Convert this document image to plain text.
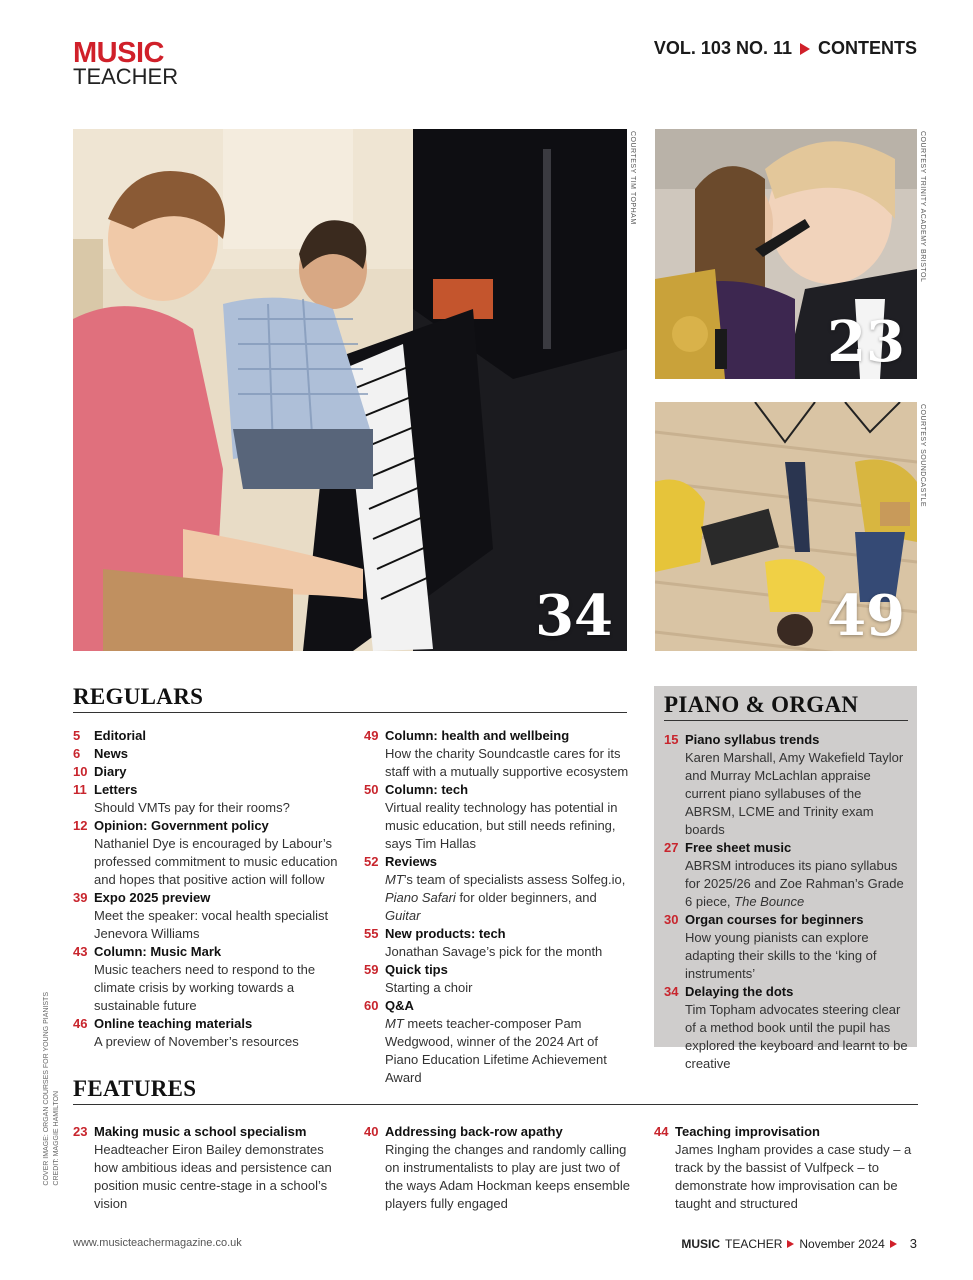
MUSIC
TEACHER
VOL. 103 NO. 11 CONTENTS
34
COURTESY TIM TOPHAM
23
COURTESY TRINITY ACADEMY BRISTOL
49
COURTESY SOUNDCASTLE
REGULARS
5	Editorial
6	News
10 Diary
11 Letters
Should VMTs pay for their rooms?
12 Opinion: Government policy
Nathaniel Dye is encouraged by Labour’s professed commitment to music education and hopes that positive action will follow
39 Expo 2025 preview
Meet the speaker: vocal health specialist Jenevora Williams
43 Column: Music Mark
Music teachers need to respond to the climate crisis by working towards a sustainable future
46 Online teaching materials
A preview of November’s resources
49 Column: health and wellbeing
How the charity Soundcastle cares for its staff with a mutually supportive ecosystem
50 Column: tech
Virtual reality technology has potential in music education, but still needs refining, says Tim Hallas
52 Reviews
MT’s team of specialists assess Solfeg.io, Piano Safari for older beginners, and Guitar
55 New products: tech
Jonathan Savage’s pick for the month
59 Quick tips
Starting a choir
60 Q&A
MT meets teacher-composer Pam Wedgwood, winner of the 2024 Art of Piano Education Lifetime Achievement Award
PIANO & ORGAN
15 Piano syllabus trends
Karen Marshall, Amy Wakefield Taylor and Murray McLachlan appraise current piano syllabuses of the ABRSM, LCME and Trinity exam boards
27 Free sheet music
ABRSM introduces its piano syllabus for 2025/26 and Zoe Rahman’s Grade 6 piece, The Bounce
30 Organ courses for beginners
How young pianists can explore adapting their skills to the ‘king of instruments’
34 Delaying the dots
Tim Topham advocates steering clear of a method book until the pupil has explored the keyboard and learnt to be creative
FEATURES
23 Making music a school specialism
Headteacher Eiron Bailey demonstrates how ambitious ideas and persistence can position music centre-stage in a school’s vision
40 Addressing back-row apathy
Ringing the changes and randomly calling on instrumentalists to play are just two of the ways Adam Hockman keeps ensemble players fully engaged
44 Teaching improvisation
James Ingham provides a case study – a track by the bassist of Vulfpeck – to demonstrate how improvisation can be taught and structured
COVER IMAGE: ORGAN COURSES FOR YOUNG PIANISTS CREDIT: MAGGIE HAMILTON
www.musicteachermagazine.co.uk	MUSIC TEACHER November 2024 3
